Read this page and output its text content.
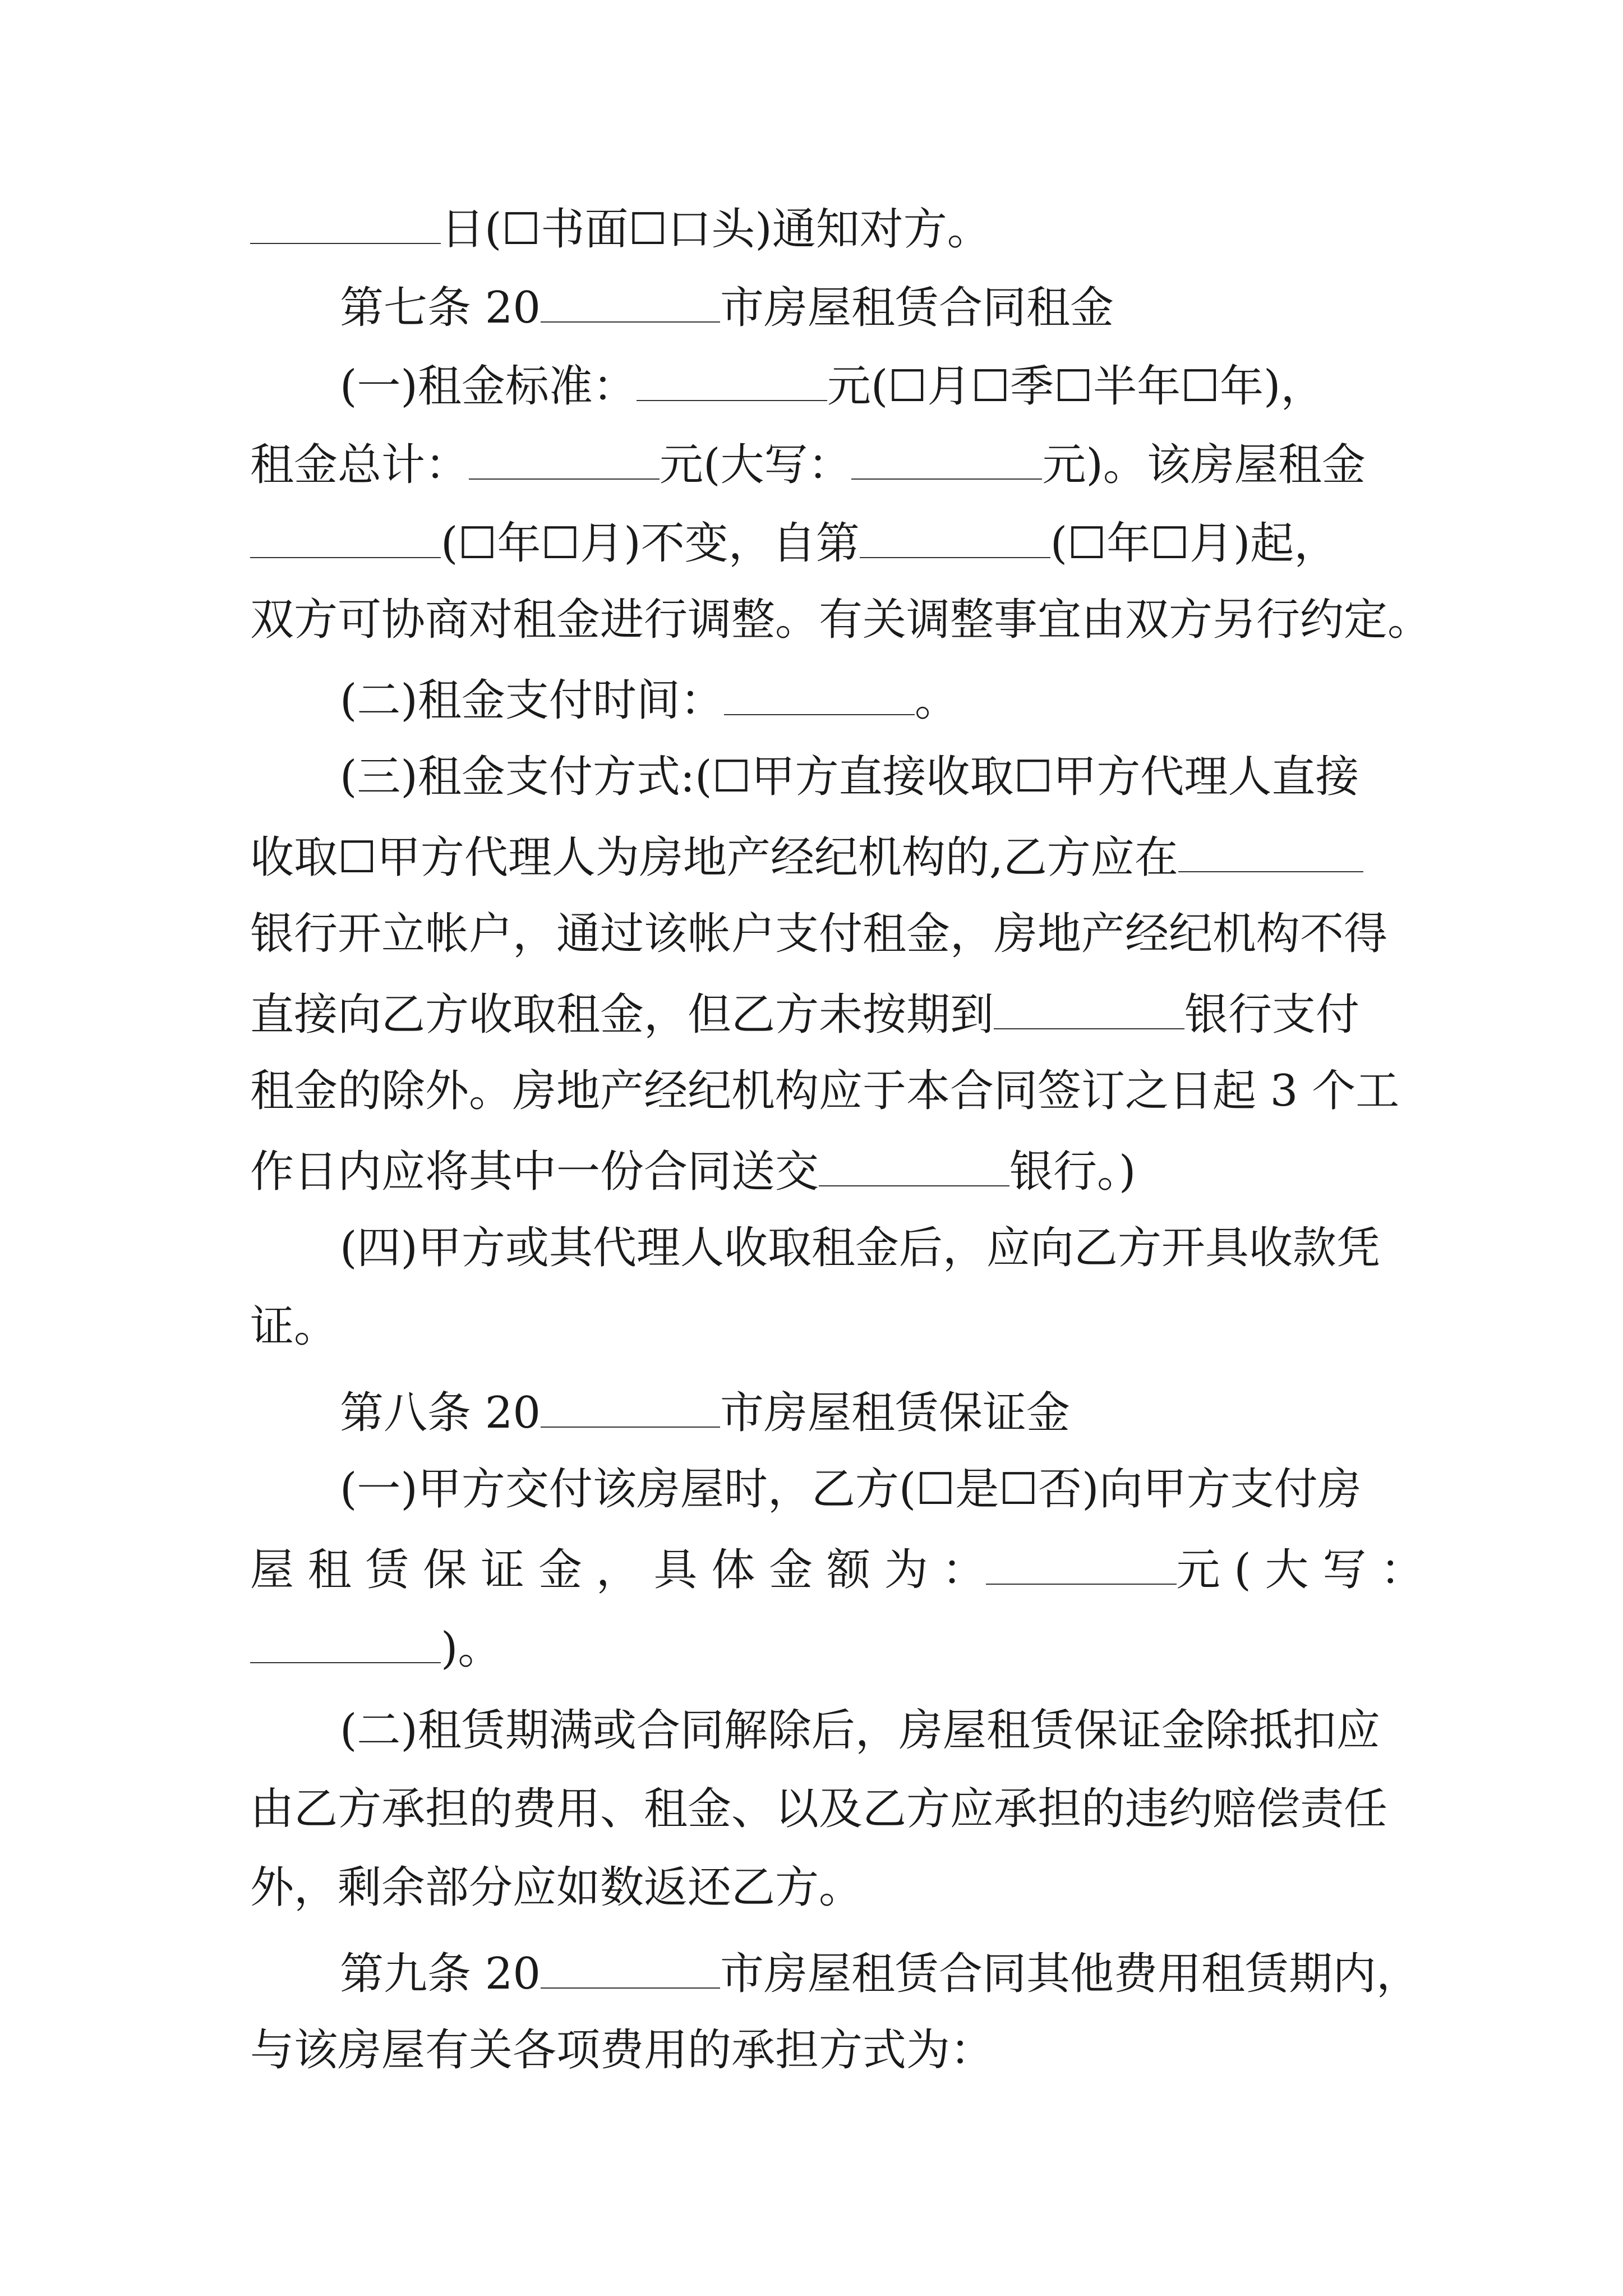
日(☐书面☐口头)通知对方。
第七条 20	市房屋租赁合同租金
(一)租金标准：	元(☐月☐季☐半年☐年)，
租金总计：	元(大写：	元)。该房屋租金
(☐年☐月)不变，自第	(☐年☐月)起，
双方可协商对租金进行调整。有关调整事宜由双方另行约定。
(二)租金支付时间：	。
(三)租金支付方式:(☐甲方直接收取☐甲方代理人直接
收取☐甲方代理人为房地产经纪机构的,乙方应在
银行开立帐户，通过该帐户支付租金，房地产经纪机构不得
直接向乙方收取租金，但乙方未按期到	银行支付
租金的除外。房地产经纪机构应于本合同签订之日起 3 个工
作日内应将其中一份合同送交	银行。)
(四)甲方或其代理人收取租金后，应向乙方开具收款凭
证。
第八条 20	市房屋租赁保证金
(一)甲方交付该房屋时，乙方(☐是☐否)向甲方支付房
屋 租 赁 保 证 金 ， 具 体 金 额 为 ：	元 ( 大 写 ：
)。
(二)租赁期满或合同解除后，房屋租赁保证金除抵扣应
由乙方承担的费用、租金、以及乙方应承担的违约赔偿责任
外，剩余部分应如数返还乙方。
第九条 20	市房屋租赁合同其他费用租赁期内，
与该房屋有关各项费用的承担方式为：
